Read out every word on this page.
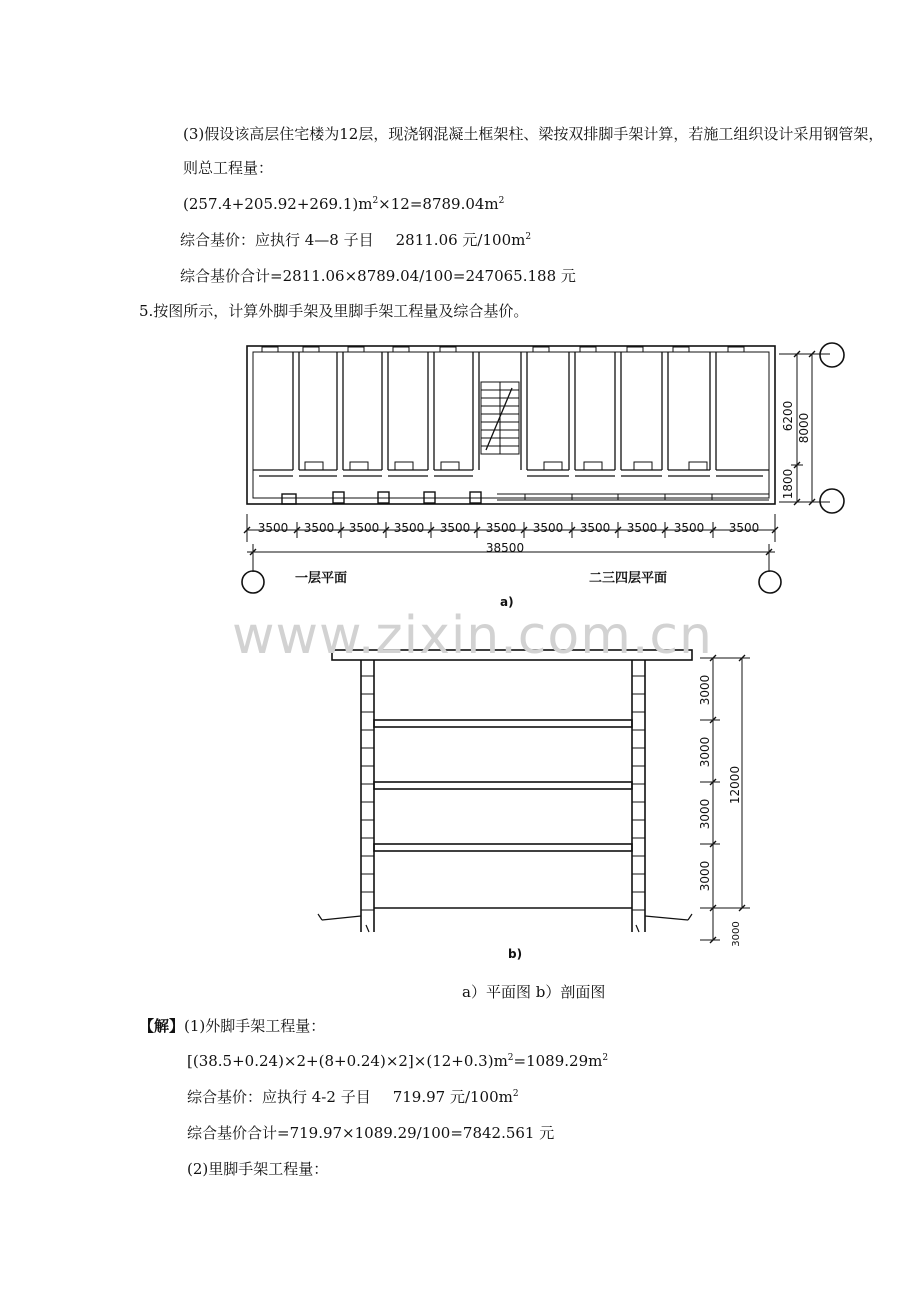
(3)假设该高层住宅楼为12层，现浇钢混凝土框架柱、梁按双排脚手架计算，若施工组织设计采用钢管架，
则总工程量：
$(257.4+205.92+269.1)m^2\times 12=8789.04m^2$
综合基价：应执行 4—8 子目 2811.06 元$/100m^2$
综合基价合计=2811.06×8789.04/100=247065.188 元
5.按图所示，计算外脚手架及里脚手架工程量及综合基价。
3500 3500 3500 3500 3500 3500 3500 3500 3500 3500 3500
38500
6200 8000
1800
一层平面	二三四层平面
a)
3000
3000
3000
3000
12000
3000
b)
www.zixin.com.cn
a）平面图 b）剖面图
【解】(1)外脚手架工程量：
$[(38.5+0.24)\times 2+(8+0.24)\times 2]\times(12+0.3)m^2=1089.29m^2$
综合基价：应执行 4-2 子目 719.97 元$/100m^2$
综合基价合计=719.97×1089.29/100=7842.561 元
(2)里脚手架工程量：
